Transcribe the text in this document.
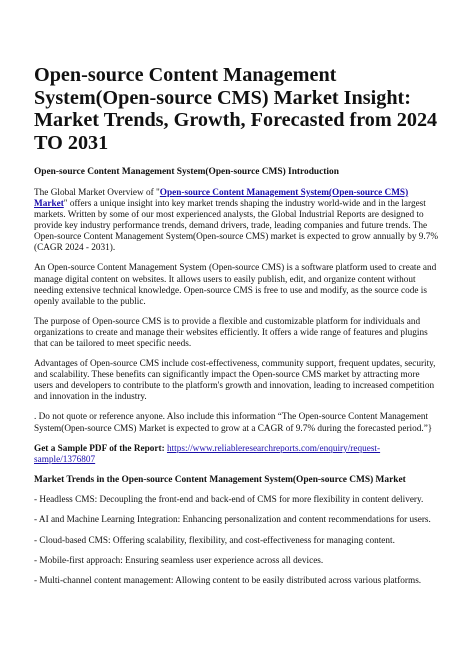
Open-source Content Management System(Open-source CMS) Market Insight: Market Trends, Growth, Forecasted from 2024 TO 2031
Open-source Content Management System(Open-source CMS) Introduction

The Global Market Overview of "Open-source Content Management System(Open-source CMS) Market" offers a unique insight into key market trends shaping the industry world-wide and in the largest markets. Written by some of our most experienced analysts, the Global Industrial Reports are designed to provide key industry performance trends, demand drivers, trade, leading companies and future trends. The Open-source Content Management System(Open-source CMS) market is expected to grow annually by 9.7% (CAGR 2024 - 2031).

An Open-source Content Management System (Open-source CMS) is a software platform used to create and manage digital content on websites. It allows users to easily publish, edit, and organize content without needing extensive technical knowledge. Open-source CMS is free to use and modify, as the source code is openly available to the public.

The purpose of Open-source CMS is to provide a flexible and customizable platform for individuals and organizations to create and manage their websites efficiently. It offers a wide range of features and plugins that can be tailored to meet specific needs.

Advantages of Open-source CMS include cost-effectiveness, community support, frequent updates, security, and scalability. These benefits can significantly impact the Open-source CMS market by attracting more users and developers to contribute to the platform's growth and innovation, leading to increased competition and innovation in the industry.

. Do not quote or reference anyone. Also include this information “The Open-source Content Management System(Open-source CMS) Market is expected to grow at a CAGR of 9.7% during the forecasted period.”}

Get a Sample PDF of the Report: https://www.reliableresearchreports.com/enquiry/request-sample/1376807

Market Trends in the Open-source Content Management System(Open-source CMS) Market

- Headless CMS: Decoupling the front-end and back-end of CMS for more flexibility in content delivery.

- AI and Machine Learning Integration: Enhancing personalization and content recommendations for users.

- Cloud-based CMS: Offering scalability, flexibility, and cost-effectiveness for managing content.

- Mobile-first approach: Ensuring seamless user experience across all devices.

- Multi-channel content management: Allowing content to be easily distributed across various platforms.
